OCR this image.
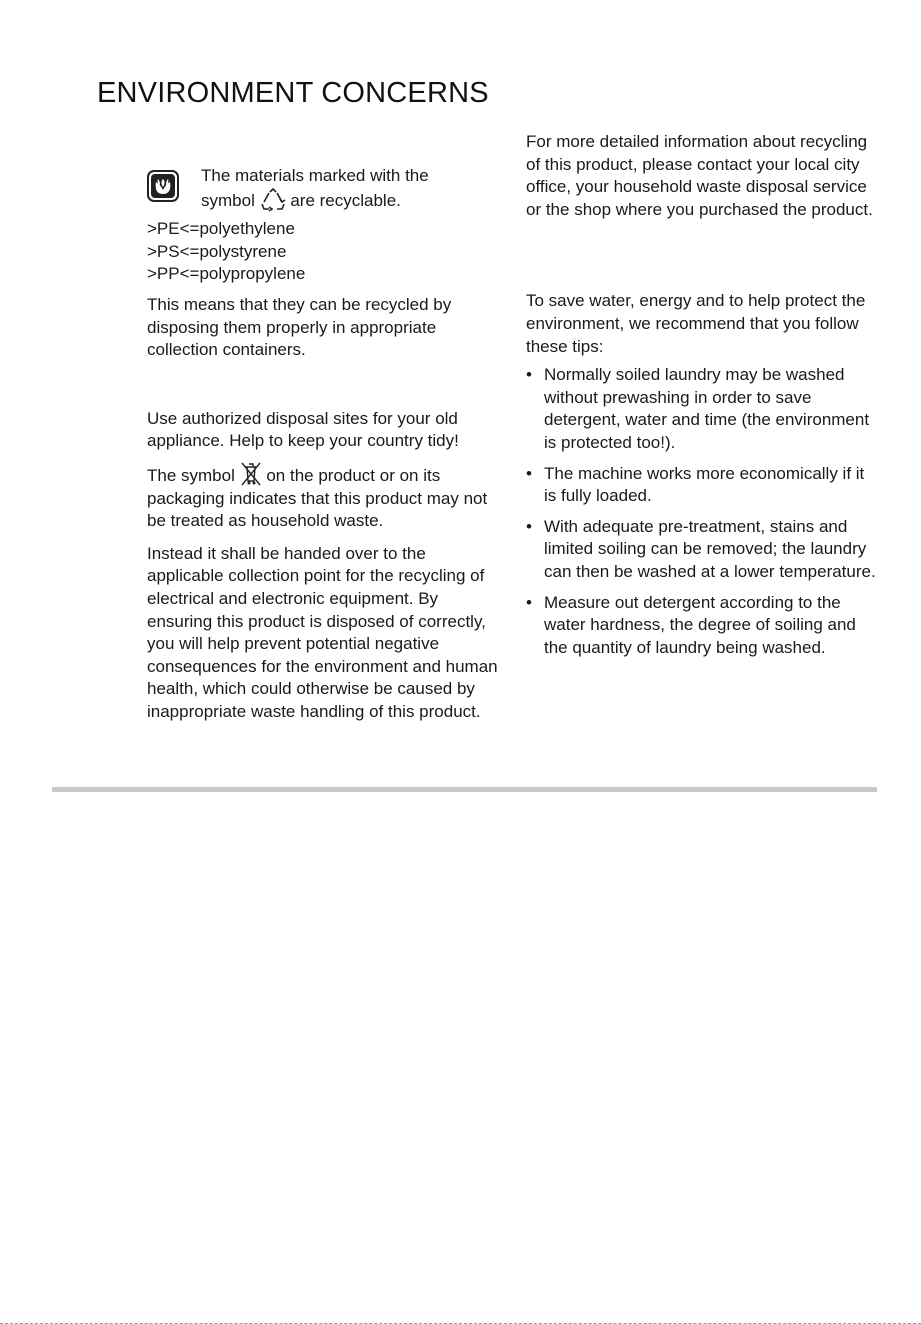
ENVIRONMENT CONCERNS

The materials marked with the

symbol are recyclable.

>PE<=polyethylene
>PS<=polystyrene
>PP<=polypropylene

This means that they can be recycled by disposing them properly in appropriate collection containers.

Use authorized disposal sites for your old appliance. Help to keep your country tidy!

The symbol on the product or on its packaging indicates that this product may not be treated as household waste.

Instead it shall be handed over to the applicable collection point for the recycling of electrical and electronic equipment. By ensuring this product is disposed of correctly, you will help prevent potential negative consequences for the environment and human health, which could otherwise be caused by inappropriate waste handling of this product.

For more detailed information about recycling of this product, please contact your local city office, your household waste disposal service or the shop where you purchased the product.

To save water, energy and to help protect the environment, we recommend that you follow these tips:

• Normally soiled laundry may be washed without prewashing in order to save detergent, water and time (the environment is protected too!).
• The machine works more economically if it is fully loaded.
• With adequate pre-treatment, stains and limited soiling can be removed; the laundry can then be washed at a lower temperature.
• Measure out detergent according to the water hardness, the degree of soiling and the quantity of laundry being washed.
